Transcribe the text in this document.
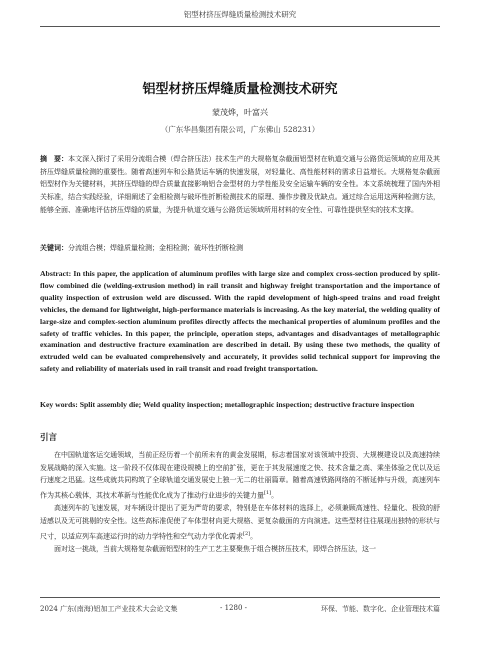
铝型材挤压焊缝质量检测技术研究
铝型材挤压焊缝质量检测技术研究
蒙茂烨，叶富兴
（广东华昌集团有限公司，广东佛山 528231）
摘　要：本文深入探讨了采用分流组合模（焊合挤压法）技术生产的大规格复杂截面铝型材在轨道交通与公路货运领域的应用及其挤压焊缝质量检测的重要性。随着高速列车和公路货运车辆的快速发展，对轻量化、高性能材料的需求日益增长。大规格复杂截面铝型材作为关键材料，其挤压焊缝的焊合质量直接影响铝合金型材的力学性能及安全运输车辆的安全性。本文系统梳理了国内外相关标准，结合实践经验，详细阐述了金相检测与破坏性折断检测技术的原理、操作步骤及优缺点。通过综合运用这两种检测方法，能够全面、准确地评估挤压焊缝的质量，为提升轨道交通与公路货运领域所用材料的安全性、可靠性提供坚实的技术支撑。
关键词：分流组合模；焊缝质量检测；金相检测；破坏性折断检测
Abstract: In this paper, the application of aluminum profiles with large size and complex cross-section produced by split-flow combined die (welding-extrusion method) in rail transit and highway freight transportation and the importance of quality inspection of extrusion weld are discussed. With the rapid development of high-speed trains and road freight vehicles, the demand for lightweight, high-performance materials is increasing. As the key material, the welding quality of large-size and complex-section aluminum profiles directly affects the mechanical properties of aluminum profiles and the safety of traffic vehicles. In this paper, the principle, operation steps, advantages and disadvantages of metallographic examination and destructive fracture examination are described in detail. By using these two methods, the quality of extruded weld can be evaluated comprehensively and accurately, it provides solid technical support for improving the safety and reliability of materials used in rail transit and road freight transportation.
Key words: Split assembly die; Weld quality inspection; metallographic inspection; destructive fracture inspection
引言

在中国轨道客运交通领域，当前正经历着一个前所未有的黄金发展期，标志着国家对该领域中投资、大规模建设以及高速持续发展战略的深入实施。这一阶段不仅体现在建设规模上的空前扩张，更在于其发展速度之快、技术含量之高、乘坐体验之优以及运行速度之迅猛。这些成就共同构筑了全球轨道交通发展史上独一无二的壮丽篇章。随着高速铁路网络的不断延伸与升级，高速列车作为其核心载体，其技术革新与性能优化成为了推动行业进步的关键力量[1]。

高速列车的飞速发展，对车辆设计提出了更为严苛的要求，特别是在车体材料的选择上，必须兼顾高速性、轻量化、极致的舒适感以及无可挑剔的安全性。这些高标准促使了车体型材向更大规格、更复杂截面的方向演进。这些型材往往展现出独特的形状与尺寸，以适应列车高速运行时的动力学特性和空气动力学优化需求[2]。

面对这一挑战，当前大规格复杂截面铝型材的生产工艺主要聚焦于组合模挤压技术，即焊合挤压法，这一

2024 广东(南海)铝加工产业技术大会论文集	- 1280 -	环保、节能、数字化、企业管理技术篇
